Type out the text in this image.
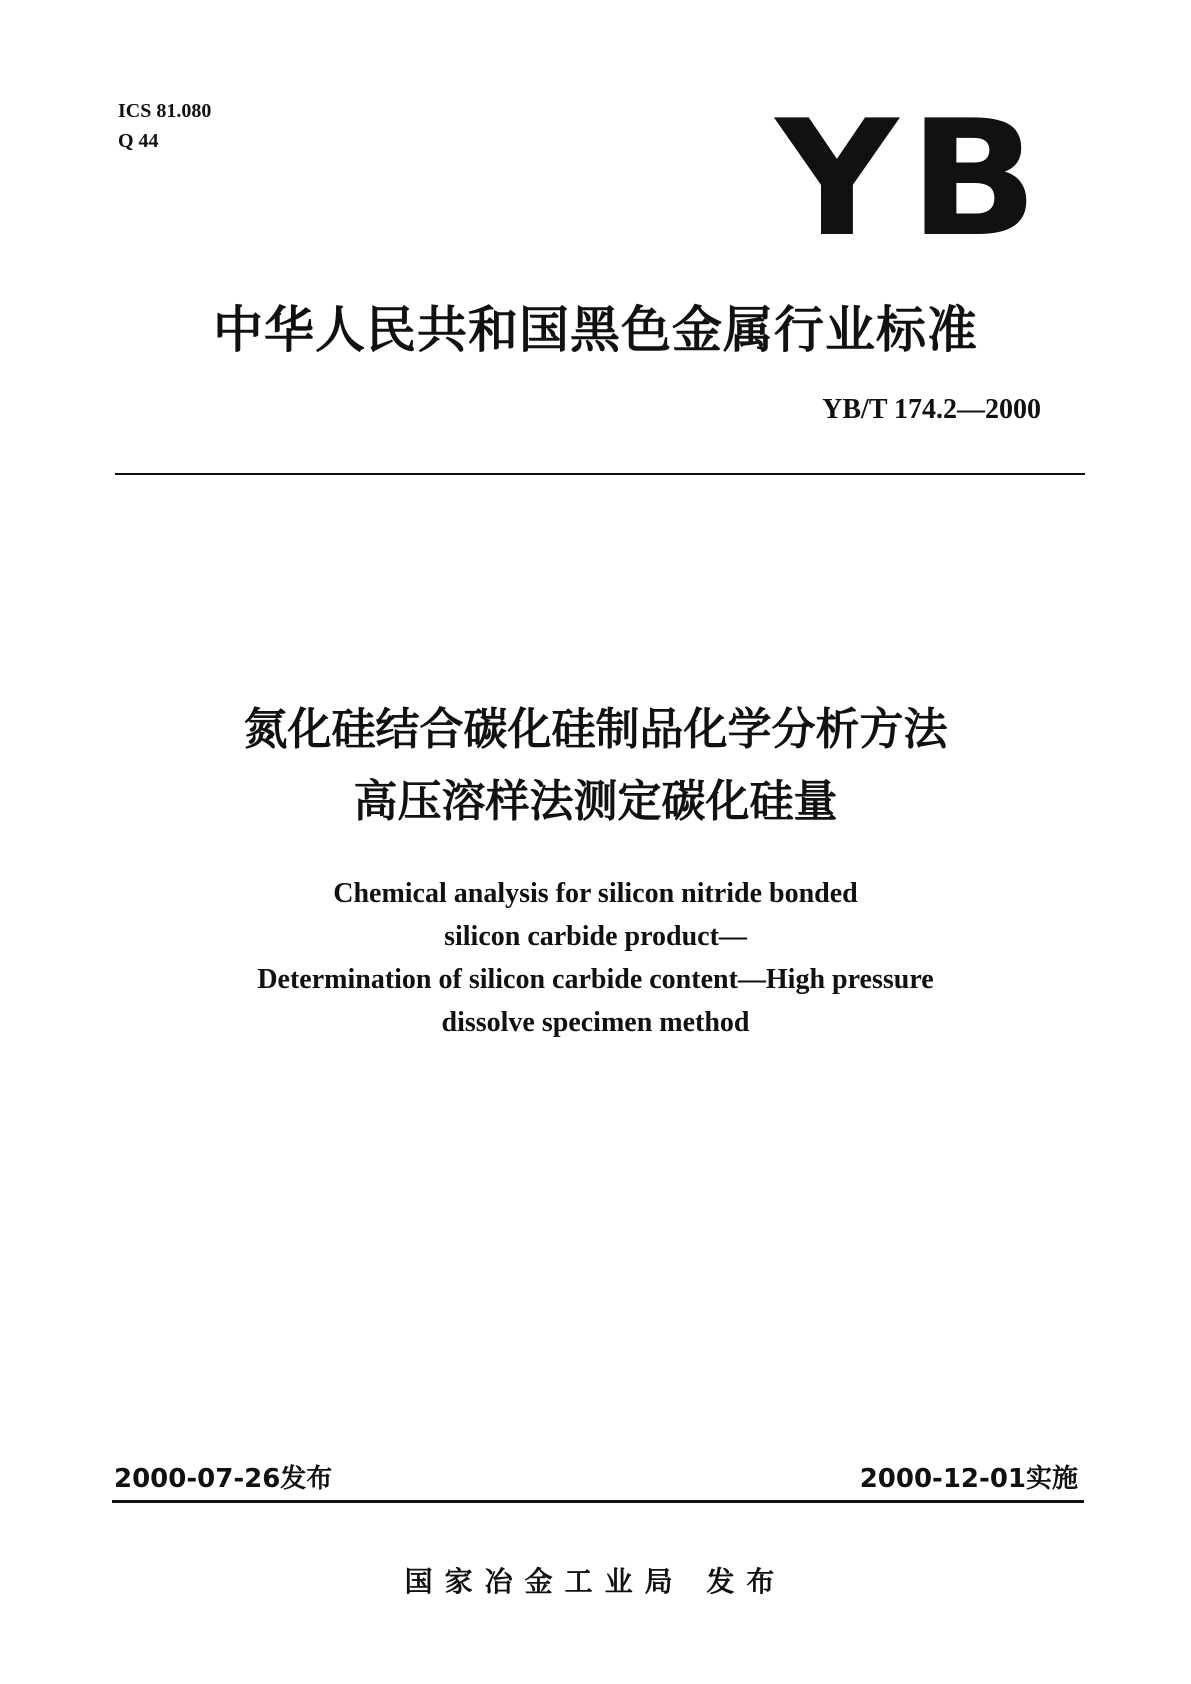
ICS 81.080
Q 44	YB
中华人民共和国黑色金属行业标准
YB/T 174.2—2000
氮化硅结合碳化硅制品化学分析方法
高压溶样法测定碳化硅量
Chemical analysis for silicon nitride bonded
silicon carbide product—
Determination of silicon carbide content—High pressure
dissolve specimen method
2000-07-26发布	2000-12-01实施
国家冶金工业局 发布
